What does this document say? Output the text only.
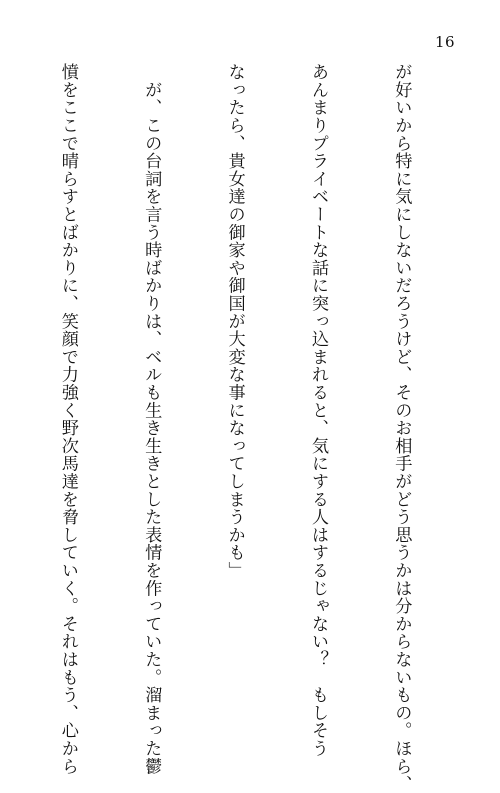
16

が好いから特に気にしないだろうけど、そのお相手がどう思うかは分からないもの。ほら、

あんまりプライベートな話に突っ込まれると、気にする人はするじゃない？　もしそう

なったら、貴女達の御家や御国が大変な事になってしまうかも」

　が、この台詞を言う時ばかりは、ベルも生き生きとした表情を作っていた。溜まった鬱

憤をここで晴らすとばかりに、笑顔で力強く野次馬達を脅していく。それはもう、心から
